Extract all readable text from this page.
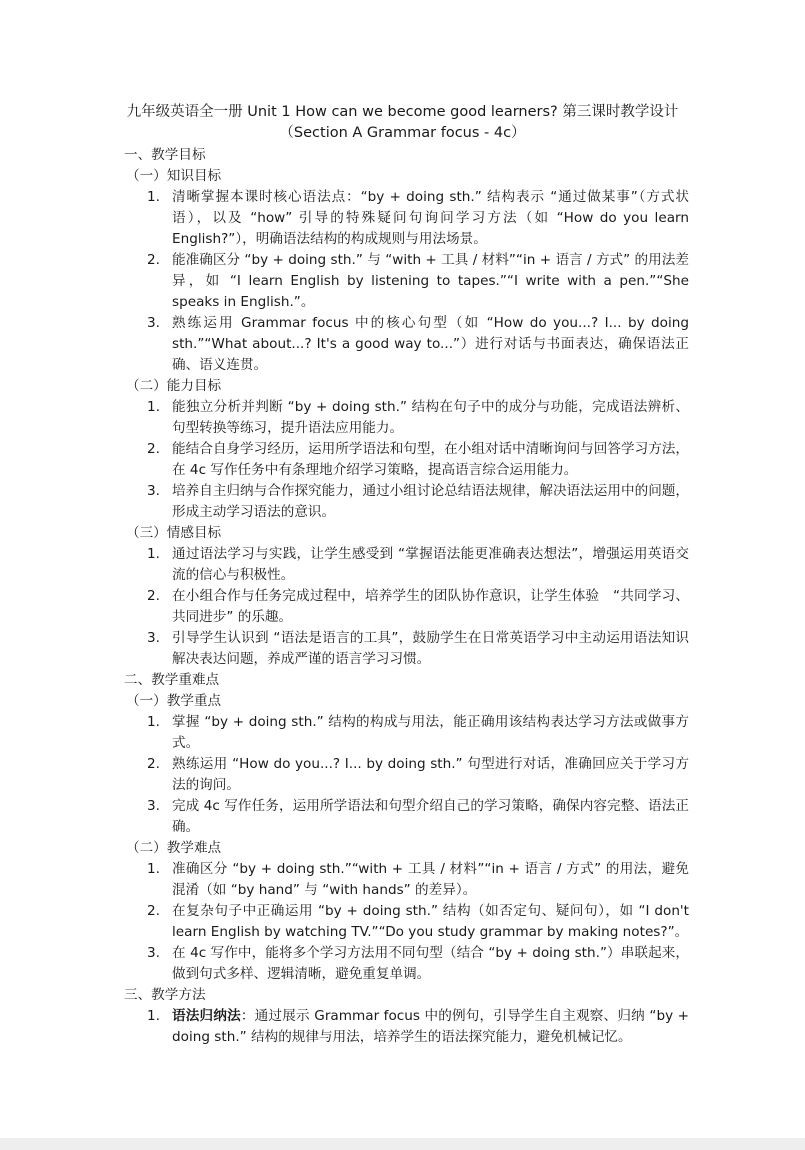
九年级英语全一册 Unit 1 How can we become good learners? 第三课时教学设计
（Section A Grammar focus - 4c）

一、教学目标

（一）知识目标

1. 清晰掌握本课时核心语法点：“by + doing sth.” 结构表示 “通过做某事”（方式状语），以及 “how” 引导的特殊疑问句询问学习方法（如 “How do you learn English?”），明确语法结构的构成规则与用法场景。

2. 能准确区分 “by + doing sth.” 与 “with + 工具 / 材料”“in + 语言 / 方式” 的用法差异，如 “I learn English by listening to tapes.”“I write with a pen.”“She speaks in English.”。

3. 熟练运用 Grammar focus 中的核心句型（如 “How do you...? I... by doing sth.”“What about...? It's a good way to...”）进行对话与书面表达，确保语法正确、语义连贯。

（二）能力目标

1. 能独立分析并判断 “by + doing sth.” 结构在句子中的成分与功能，完成语法辨析、句型转换等练习，提升语法应用能力。

2. 能结合自身学习经历，运用所学语法和句型，在小组对话中清晰询问与回答学习方法，在 4c 写作任务中有条理地介绍学习策略，提高语言综合运用能力。

3. 培养自主归纳与合作探究能力，通过小组讨论总结语法规律，解决语法运用中的问题，形成主动学习语法的意识。

（三）情感目标

1. 通过语法学习与实践，让学生感受到 “掌握语法能更准确表达想法”，增强运用英语交流的信心与积极性。

2. 在小组合作与任务完成过程中，培养学生的团队协作意识，让学生体验　“共同学习、共同进步” 的乐趣。

3. 引导学生认识到 “语法是语言的工具”，鼓励学生在日常英语学习中主动运用语法知识解决表达问题，养成严谨的语言学习习惯。

二、教学重难点

（一）教学重点

1. 掌握 “by + doing sth.” 结构的构成与用法，能正确用该结构表达学习方法或做事方式。

2. 熟练运用 “How do you...? I... by doing sth.” 句型进行对话，准确回应关于学习方法的询问。

3. 完成 4c 写作任务，运用所学语法和句型介绍自己的学习策略，确保内容完整、语法正确。

（二）教学难点

1. 准确区分 “by + doing sth.”“with + 工具 / 材料”“in + 语言 / 方式” 的用法，避免混淆（如 “by hand” 与 “with hands” 的差异）。

2. 在复杂句子中正确运用 “by + doing sth.” 结构（如否定句、疑问句），如 “I don't learn English by watching TV.”“Do you study grammar by making notes?”。

3. 在 4c 写作中，能将多个学习方法用不同句型（结合 “by + doing sth.”）串联起来，做到句式多样、逻辑清晰，避免重复单调。

三、教学方法

1. 语法归纳法：通过展示 Grammar focus 中的例句，引导学生自主观察、归纳 “by + doing sth.” 结构的规律与用法，培养学生的语法探究能力，避免机械记忆。
